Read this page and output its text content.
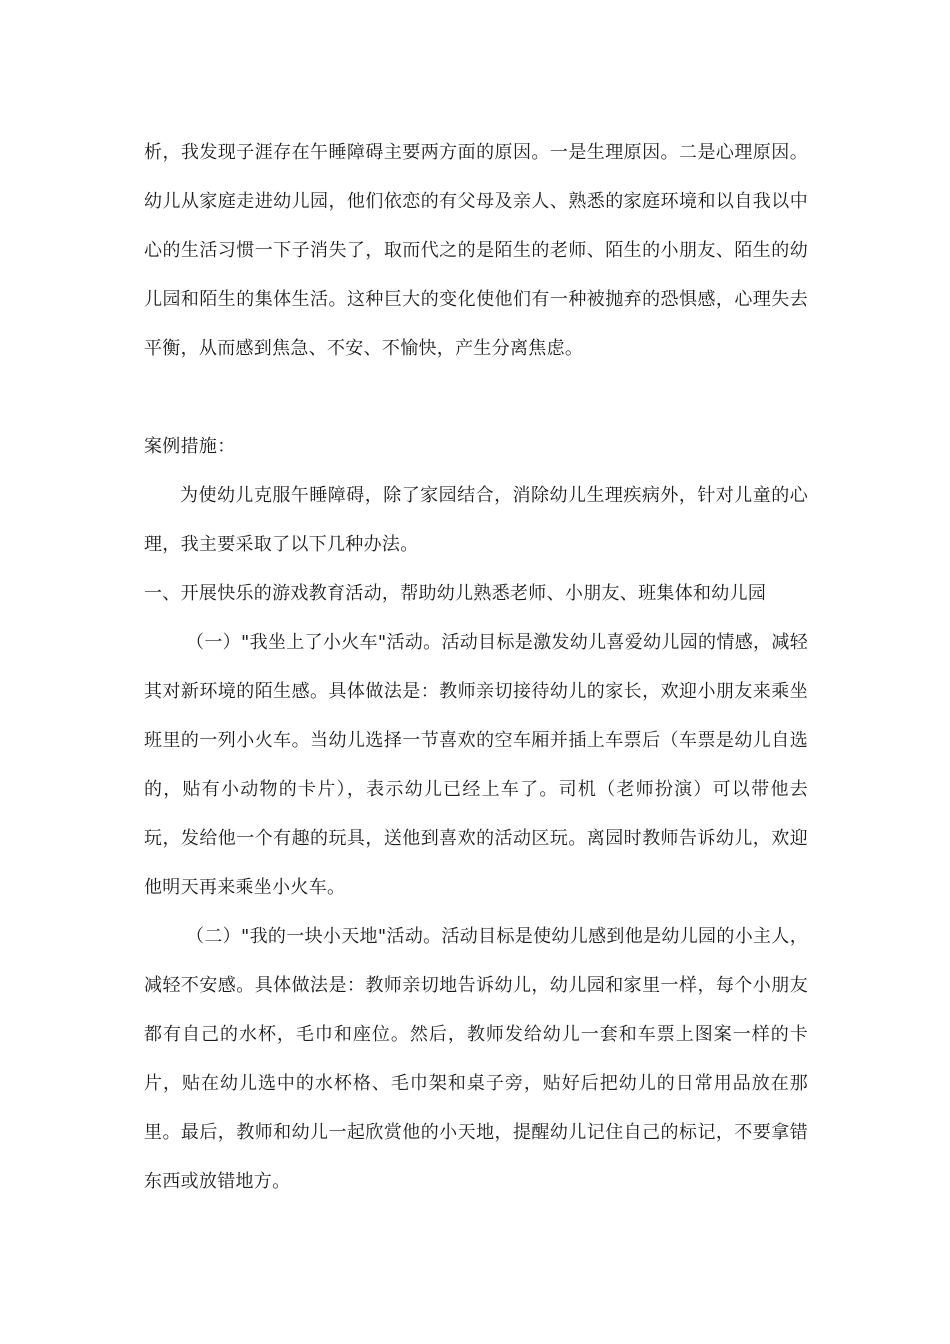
析，我发现子涯存在午睡障碍主要两方面的原因。一是生理原因。二是心理原因。幼儿从家庭走进幼儿园，他们依恋的有父母及亲人、熟悉的家庭环境和以自我以中心的生活习惯一下子消失了，取而代之的是陌生的老师、陌生的小朋友、陌生的幼儿园和陌生的集体生活。这种巨大的变化使他们有一种被抛弃的恐惧感，心理失去平衡，从而感到焦急、不安、不愉快，产生分离焦虑。

案例措施：

为使幼儿克服午睡障碍，除了家园结合，消除幼儿生理疾病外，针对儿童的心理，我主要采取了以下几种办法。

一、开展快乐的游戏教育活动，帮助幼儿熟悉老师、小朋友、班集体和幼儿园

（一）"我坐上了小火车"活动。活动目标是激发幼儿喜爱幼儿园的情感，减轻其对新环境的陌生感。具体做法是：教师亲切接待幼儿的家长，欢迎小朋友来乘坐班里的一列小火车。当幼儿选择一节喜欢的空车厢并插上车票后（车票是幼儿自选的，贴有小动物的卡片），表示幼儿已经上车了。司机（老师扮演）可以带他去玩，发给他一个有趣的玩具，送他到喜欢的活动区玩。离园时教师告诉幼儿，欢迎他明天再来乘坐小火车。

（二）"我的一块小天地"活动。活动目标是使幼儿感到他是幼儿园的小主人，减轻不安感。具体做法是：教师亲切地告诉幼儿，幼儿园和家里一样，每个小朋友都有自己的水杯，毛巾和座位。然后，教师发给幼儿一套和车票上图案一样的卡片，贴在幼儿选中的水杯格、毛巾架和桌子旁，贴好后把幼儿的日常用品放在那里。最后，教师和幼儿一起欣赏他的小天地，提醒幼儿记住自己的标记，不要拿错东西或放错地方。
